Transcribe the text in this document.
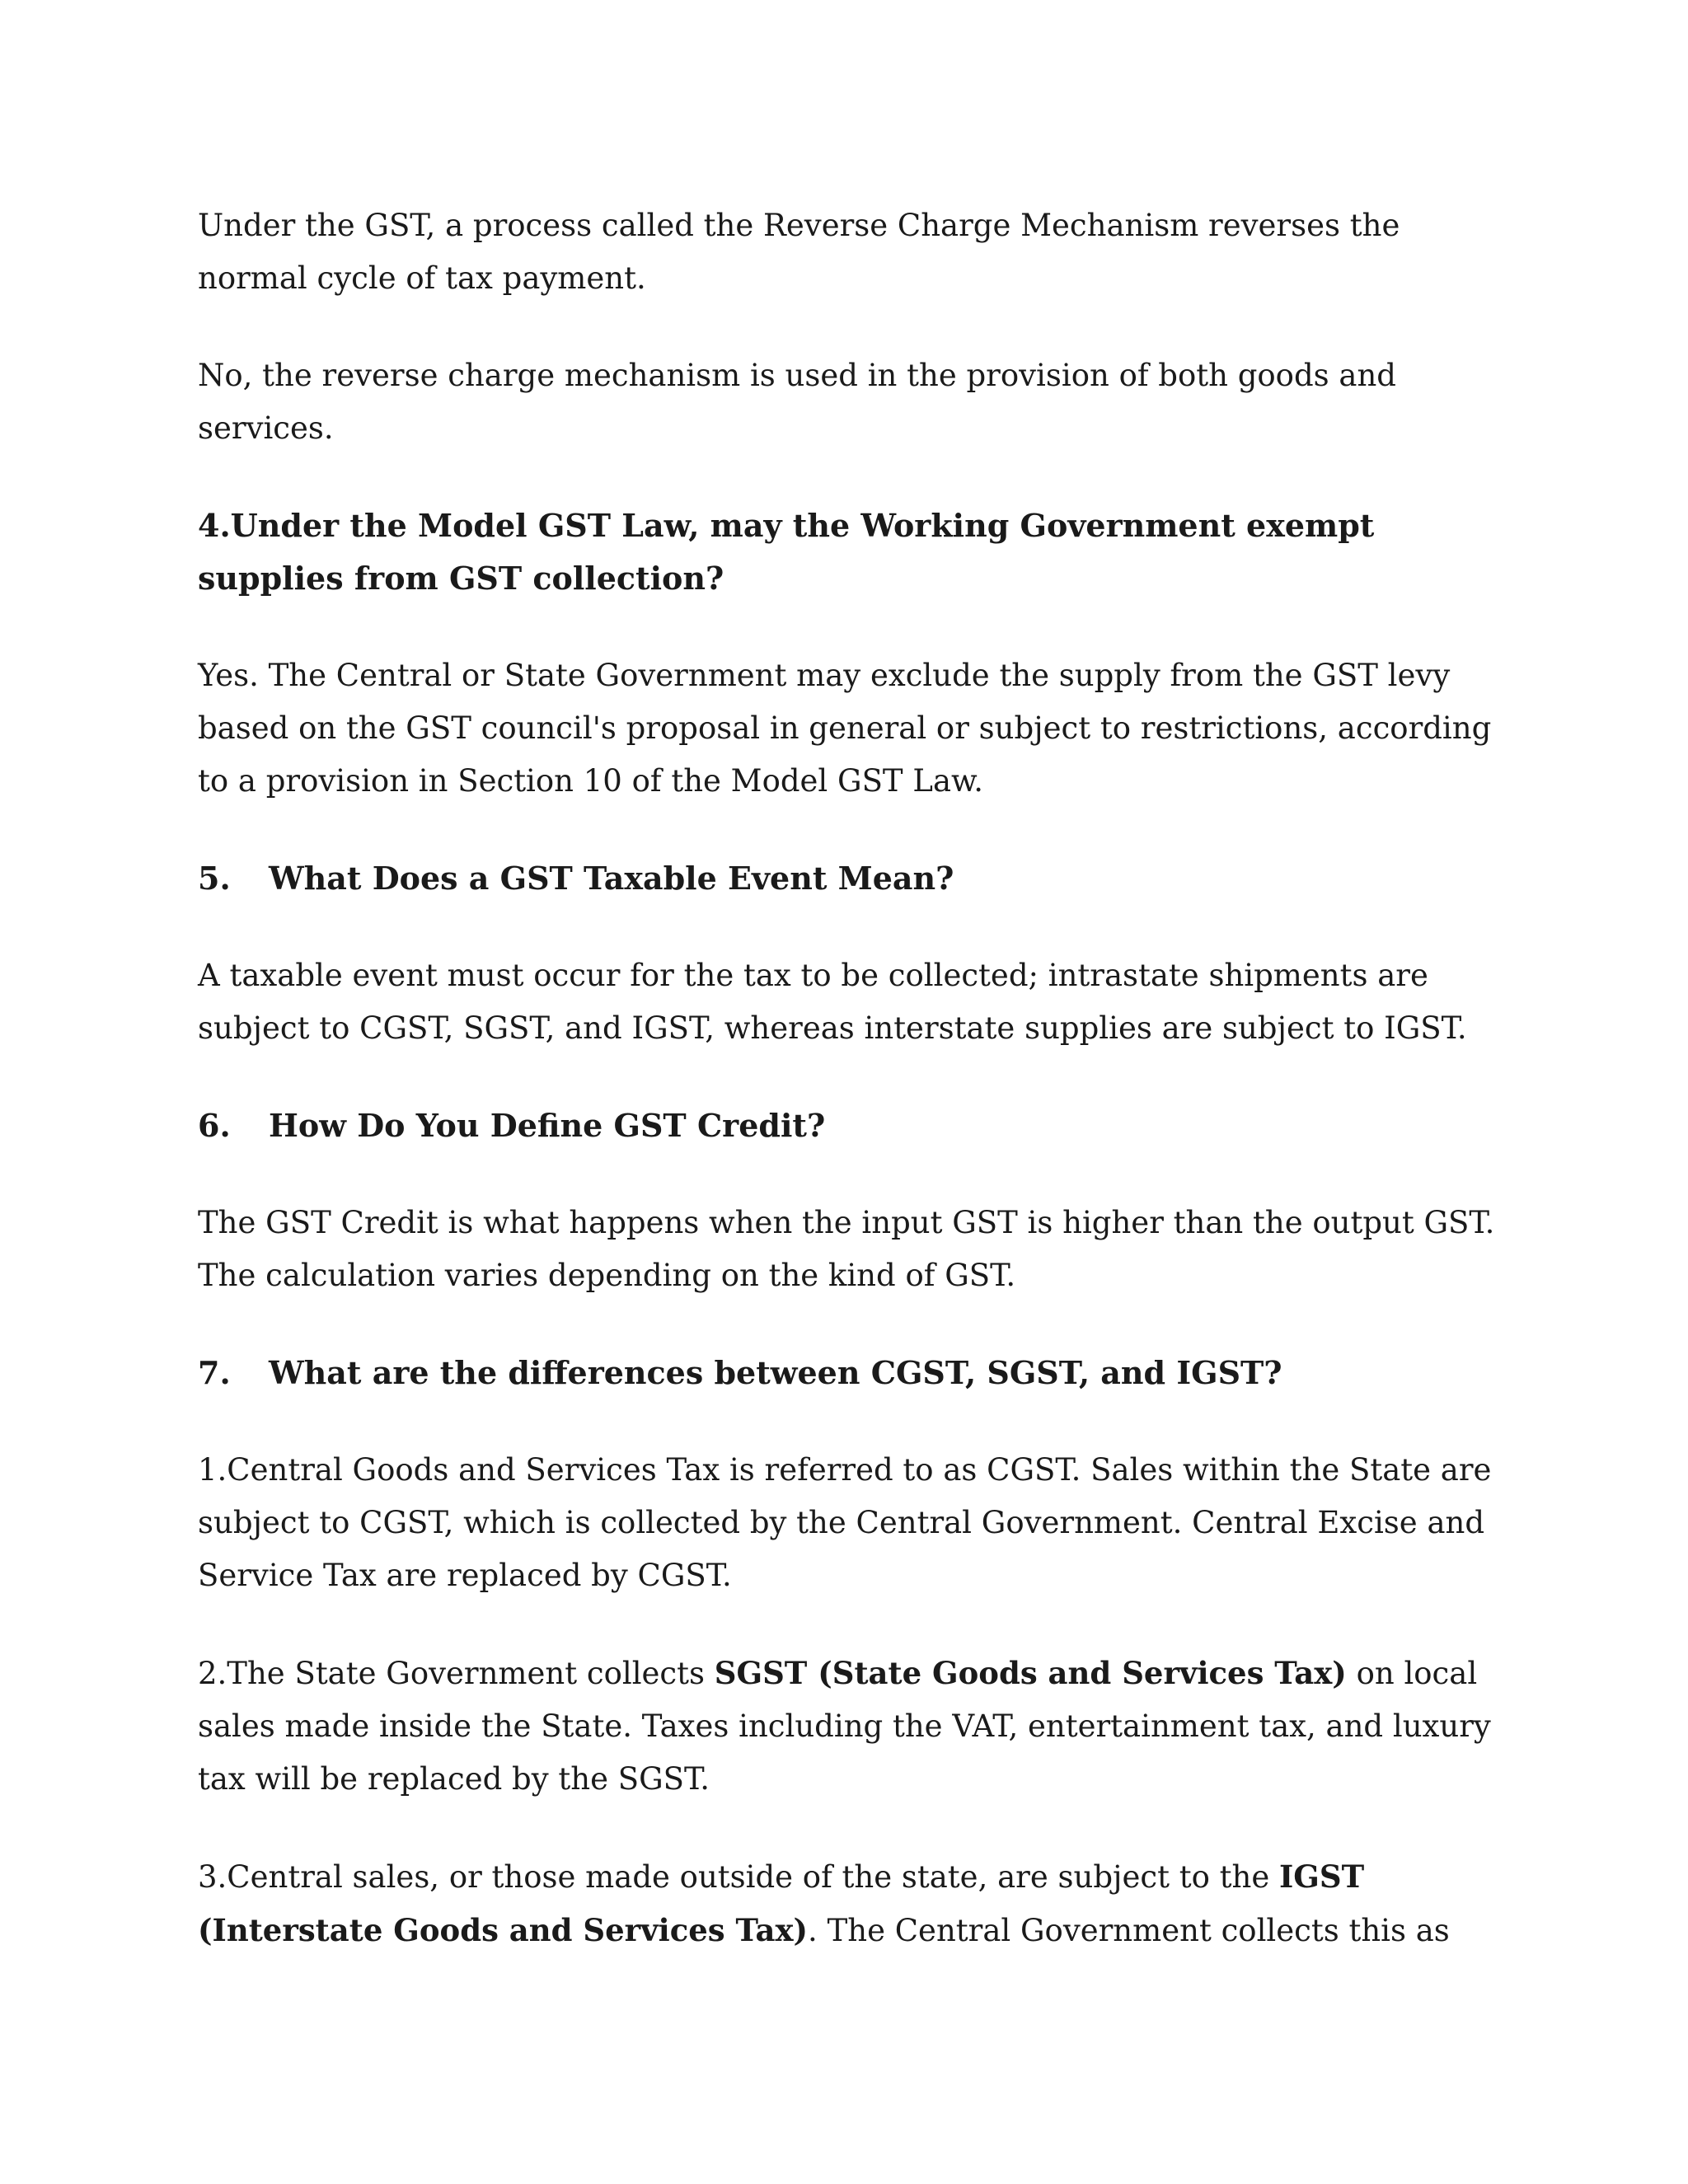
Under the GST, a process called the Reverse Charge Mechanism reverses the normal cycle of tax payment.

No, the reverse charge mechanism is used in the provision of both goods and services.

4.Under the Model GST Law, may the Working Government exempt supplies from GST collection?

Yes. The Central or State Government may exclude the supply from the GST levy based on the GST council's proposal in general or subject to restrictions, according to a provision in Section 10 of the Model GST Law.

5. What Does a GST Taxable Event Mean?

A taxable event must occur for the tax to be collected; intrastate shipments are subject to CGST, SGST, and IGST, whereas interstate supplies are subject to IGST.

6. How Do You Define GST Credit?

The GST Credit is what happens when the input GST is higher than the output GST. The calculation varies depending on the kind of GST.

7. What are the differences between CGST, SGST, and IGST?

1.Central Goods and Services Tax is referred to as CGST. Sales within the State are subject to CGST, which is collected by the Central Government. Central Excise and Service Tax are replaced by CGST.

2.The State Government collects SGST (State Goods and Services Tax) on local sales made inside the State. Taxes including the VAT, entertainment tax, and luxury tax will be replaced by the SGST.

3.Central sales, or those made outside of the state, are subject to the IGST (Interstate Goods and Services Tax). The Central Government collects this as
